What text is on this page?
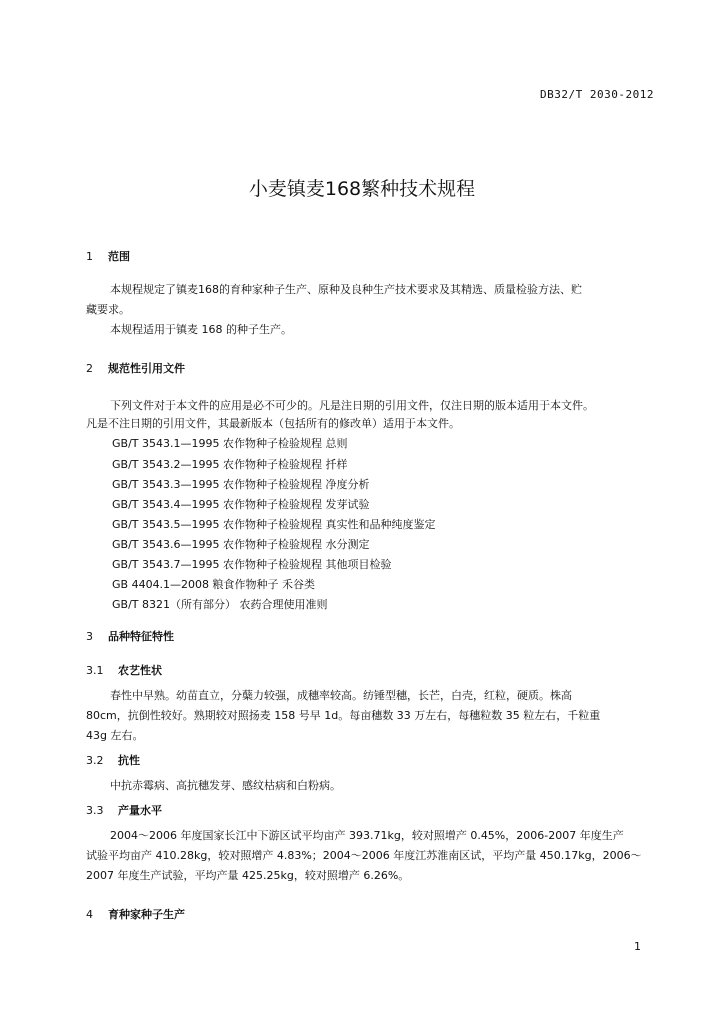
DB32/T 2030-2012
小麦镇麦168繁种技术规程
1 范围
本规程规定了镇麦168的育种家种子生产、原种及良种生产技术要求及其精选、质量检验方法、贮
藏要求。
本规程适用于镇麦 168 的种子生产。
2 规范性引用文件
下列文件对于本文件的应用是必不可少的。凡是注日期的引用文件，仅注日期的版本适用于本文件。
凡是不注日期的引用文件，其最新版本（包括所有的修改单）适用于本文件。
GB/T 3543.1—1995 农作物种子检验规程 总则
GB/T 3543.2—1995 农作物种子检验规程 扦样
GB/T 3543.3—1995 农作物种子检验规程 净度分析
GB/T 3543.4—1995 农作物种子检验规程 发芽试验
GB/T 3543.5—1995 农作物种子检验规程 真实性和品种纯度鉴定
GB/T 3543.6—1995 农作物种子检验规程 水分测定
GB/T 3543.7—1995 农作物种子检验规程 其他项目检验
GB 4404.1—2008 粮食作物种子 禾谷类
GB/T 8321（所有部分） 农药合理使用准则
3 品种特征特性
3.1 农艺性状
春性中早熟。幼苗直立，分蘖力较强，成穗率较高。纺锤型穗，长芒，白壳，红粒，硬质。株高
80cm，抗倒性较好。熟期较对照扬麦 158 号早 1d。每亩穗数 33 万左右，每穗粒数 35 粒左右，千粒重
43g 左右。
3.2 抗性
中抗赤霉病、高抗穗发芽、感纹枯病和白粉病。
3.3 产量水平
2004～2006 年度国家长江中下游区试平均亩产 393.71kg，较对照增产 0.45%，2006-2007 年度生产
试验平均亩产 410.28kg，较对照增产 4.83%；2004～2006 年度江苏淮南区试，平均产量 450.17kg，2006～
2007 年度生产试验，平均产量 425.25kg，较对照增产 6.26%。
4 育种家种子生产
1
